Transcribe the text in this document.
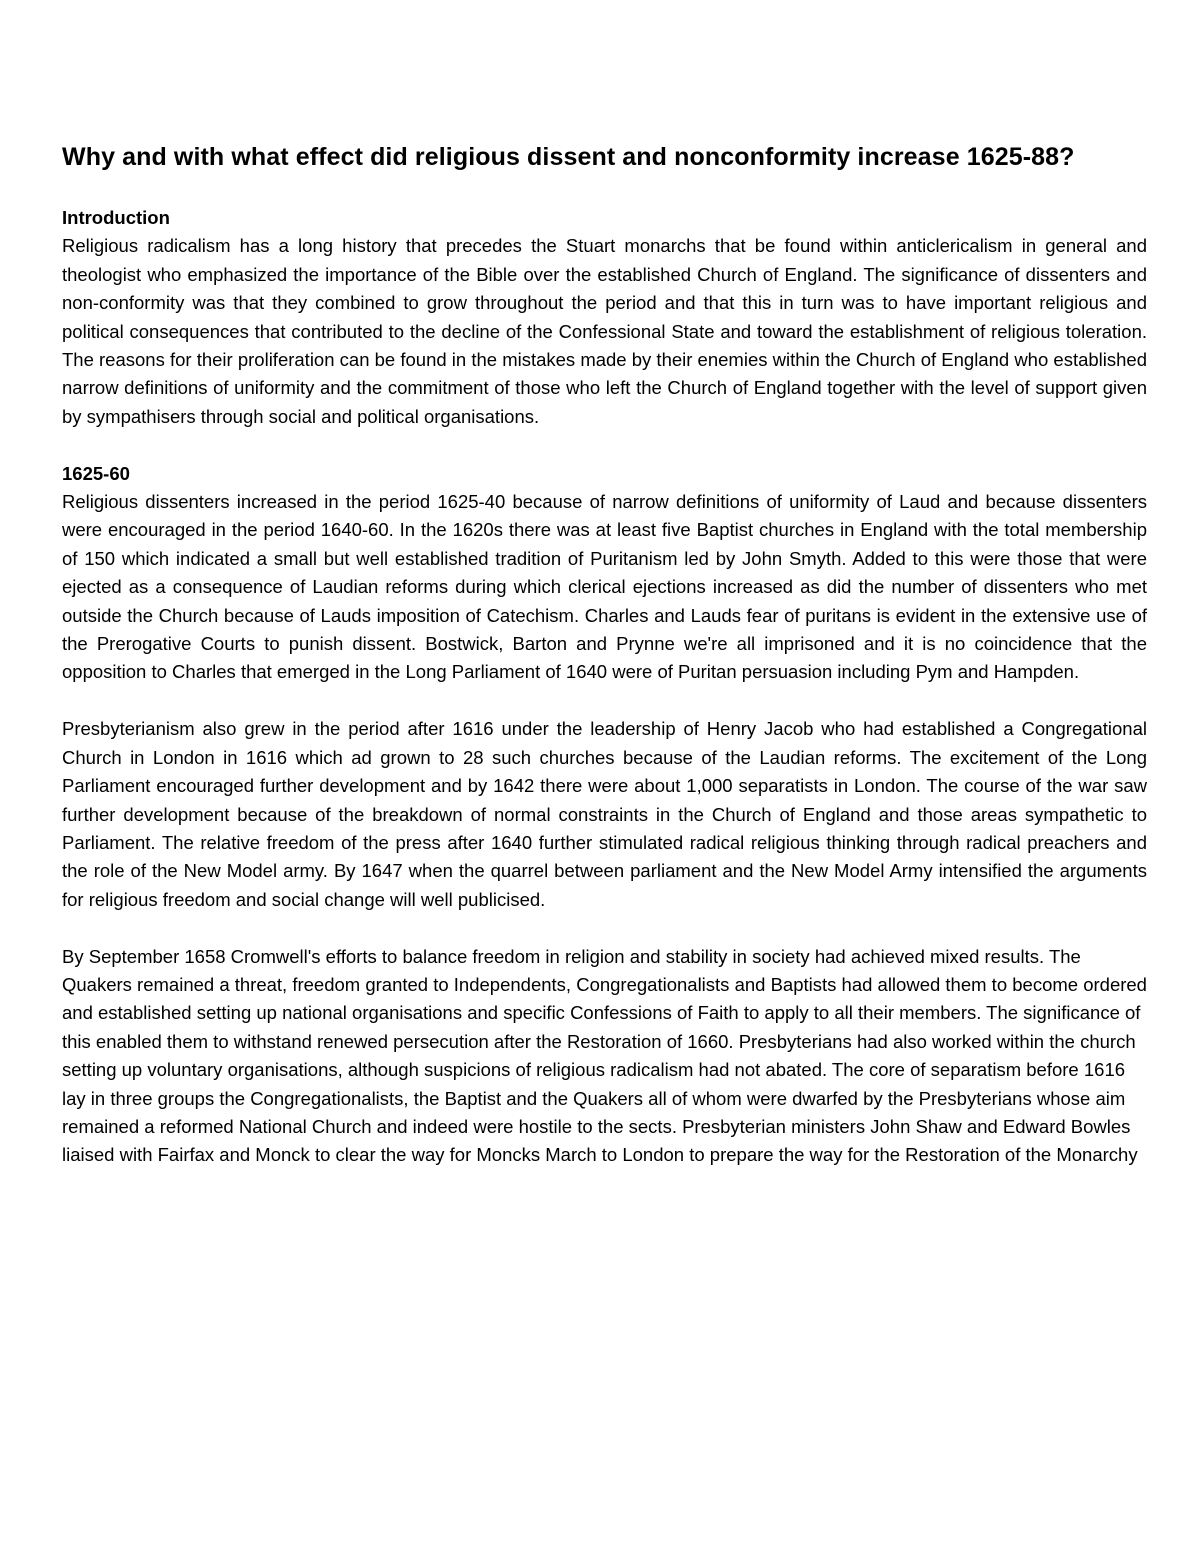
Why and with what effect did religious dissent and nonconformity increase 1625-88?
Introduction

Religious radicalism has a long history that precedes the Stuart monarchs that be found within anticlericalism in general and theologist who emphasized the importance of the Bible over the established Church of England. The significance of dissenters and non-conformity was that they combined to grow throughout the period and that this in turn was to have important religious and political consequences that contributed to the decline of the Confessional State and toward the establishment of religious toleration. The reasons for their proliferation can be found in the mistakes made by their enemies within the Church of England who established narrow definitions of uniformity and the commitment of those who left the Church of England together with the level of support given by sympathisers through social and political organisations.

1625-60

Religious dissenters increased in the period 1625-40 because of narrow definitions of uniformity of Laud and because dissenters were encouraged in the period 1640-60. In the 1620s there was at least five Baptist churches in England with the total membership of 150 which indicated a small but well established tradition of Puritanism led by John Smyth. Added to this were those that were ejected as a consequence of Laudian reforms during which clerical ejections increased as did the number of dissenters who met outside the Church because of Lauds imposition of Catechism. Charles and Lauds fear of puritans is evident in the extensive use of the Prerogative Courts to punish dissent. Bostwick, Barton and Prynne we're all imprisoned and it is no coincidence that the opposition to Charles that emerged in the Long Parliament of 1640 were of Puritan persuasion including Pym and Hampden.

Presbyterianism also grew in the period after 1616 under the leadership of Henry Jacob who had established a Congregational Church in London in 1616 which ad grown to 28 such churches because of the Laudian reforms. The excitement of the Long Parliament encouraged further development and by 1642 there were about 1,000 separatists in London. The course of the war saw further development because of the breakdown of normal constraints in the Church of England and those areas sympathetic to Parliament. The relative freedom of the press after 1640 further stimulated radical religious thinking through radical preachers and the role of the New Model army. By 1647 when the quarrel between parliament and the New Model Army intensified the arguments for religious freedom and social change will well publicised.

By September 1658 Cromwell's efforts to balance freedom in religion and stability in society had achieved mixed results. The Quakers remained a threat, freedom granted to Independents, Congregationalists and Baptists had allowed them to become ordered and established setting up national organisations and specific Confessions of Faith to apply to all their members. The significance of this enabled them to withstand renewed persecution after the Restoration of 1660. Presbyterians had also worked within the church setting up voluntary organisations, although suspicions of religious radicalism had not abated. The core of separatism before 1616 lay in three groups the Congregationalists, the Baptist and the Quakers all of whom were dwarfed by the Presbyterians whose aim remained a reformed National Church and indeed were hostile to the sects. Presbyterian ministers John Shaw and Edward Bowles liaised with Fairfax and Monck to clear the way for Moncks March to London to prepare the way for the Restoration of the Monarchy
